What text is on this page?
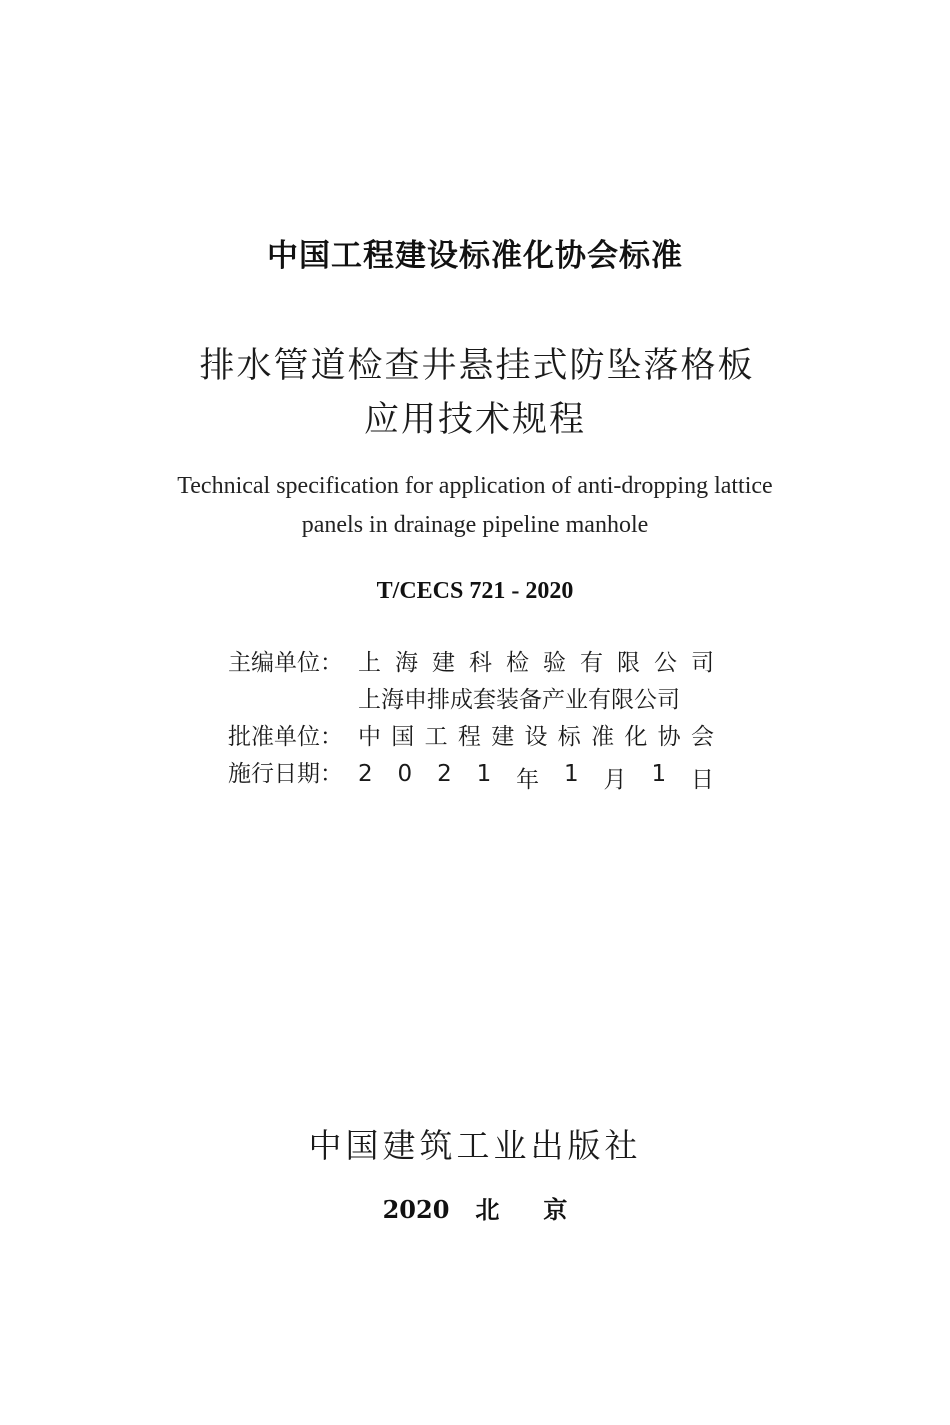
中国工程建设标准化协会标准
排水管道检查井悬挂式防坠落格板
应用技术规程
Technical specification for application of anti-dropping lattice
panels in drainage pipeline manhole
T/CECS 721 - 2020
主编单位： 上 海 建 科 检 验 有 限 公 司
上海申排成套装备产业有限公司
批准单位： 中 国 工 程 建 设 标 准 化 协 会
施行日期： 2 0 2 1 年 1 月 1 日
中国建筑工业出版社
2020 北京
